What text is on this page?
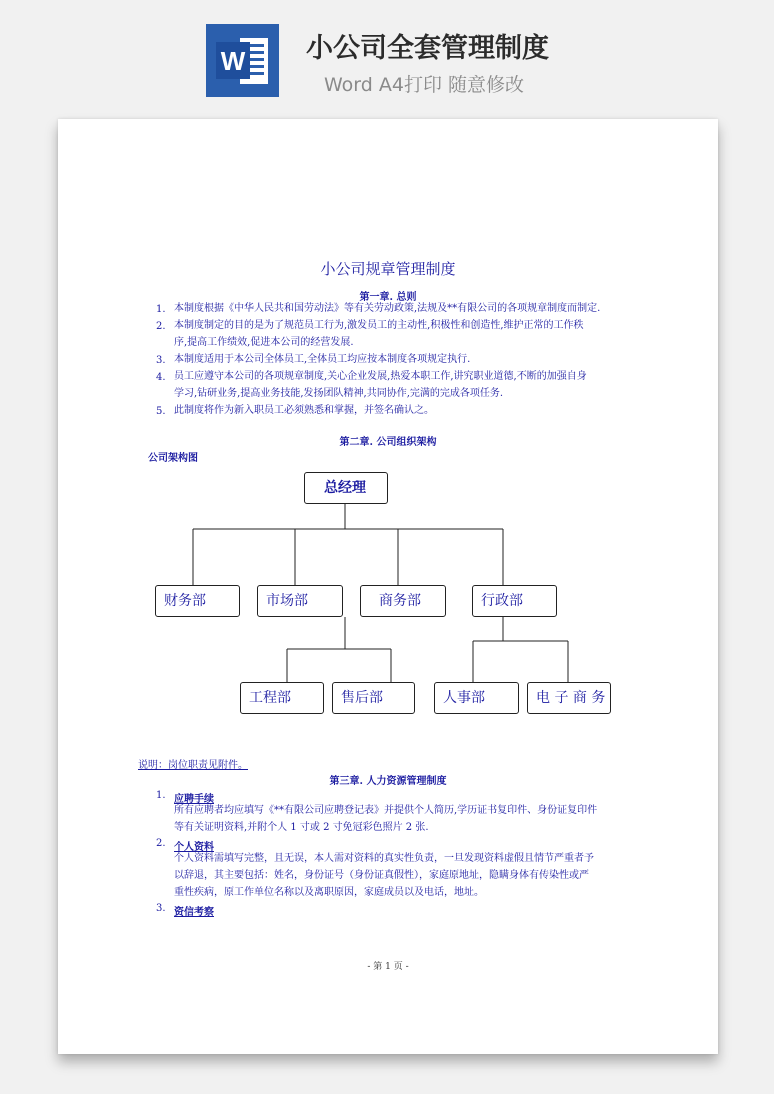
W 小公司全套管理制度
Word A4打印 随意修改
小公司规章管理制度
第一章. 总则
1. 本制度根据《中华人民共和国劳动法》等有关劳动政策,法规及**有限公司的各项规章制度而制定.
2. 本制度制定的目的是为了规范员工行为,激发员工的主动性,积极性和创造性,维护正常的工作秩
序,提高工作绩效,促进本公司的经营发展.
3. 本制度适用于本公司全体员工,全体员工均应按本制度各项规定执行.
4. 员工应遵守本公司的各项规章制度,关心企业发展,热爱本职工作,讲究职业道德,不断的加强自身
学习,钻研业务,提高业务技能,发扬团队精神,共同协作,完满的完成各项任务.
5. 此制度将作为新入职员工必须熟悉和掌握，并签名确认之。
第二章. 公司组织架构
公司架构图
总经理
财务部	市场部	商务部	行政部
工程部	售后部	人事部	电 子 商 务
说明：岗位职责见附件。
第三章. 人力资源管理制度
1. 应聘手续
所有应聘者均应填写《**有限公司应聘登记表》并提供个人简历,学历证书复印件、身份证复印件
等有关证明资料,并附个人 1 寸或 2 寸免冠彩色照片 2 张.
2. 个人资料
个人资料需填写完整，且无误，本人需对资料的真实性负责，一旦发现资料虚假且情节严重者予
以辞退，其主要包括：姓名，身份证号（身份证真假性），家庭原地址，隐瞒身体有传染性或严
重性疾病，原工作单位名称以及离职原因，家庭成员以及电话，地址。
3. 资信考察
- 第 1 页 -
